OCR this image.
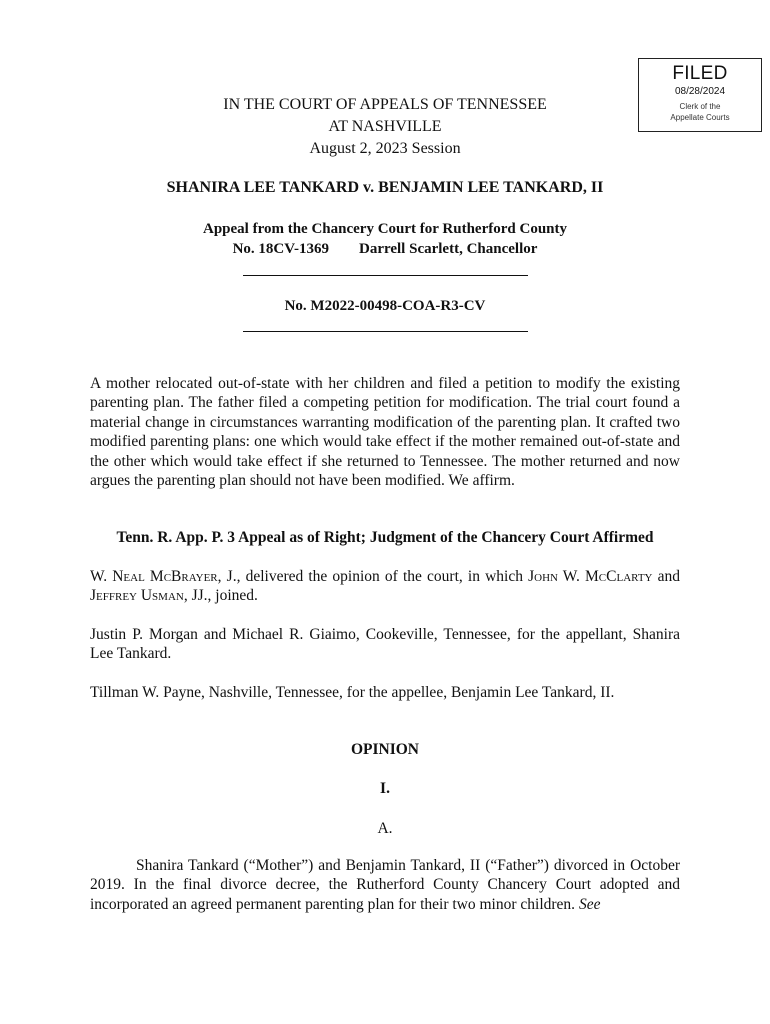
FILED
08/28/2024
Clerk of the
Appellate Courts
IN THE COURT OF APPEALS OF TENNESSEE
AT NASHVILLE
August 2, 2023 Session
SHANIRA LEE TANKARD v. BENJAMIN LEE TANKARD, II
Appeal from the Chancery Court for Rutherford County
No. 18CV-1369 Darrell Scarlett, Chancellor
No. M2022-00498-COA-R3-CV
A mother relocated out-of-state with her children and filed a petition to modify the existing parenting plan. The father filed a competing petition for modification. The trial court found a material change in circumstances warranting modification of the parenting plan. It crafted two modified parenting plans: one which would take effect if the mother remained out-of-state and the other which would take effect if she returned to Tennessee. The mother returned and now argues the parenting plan should not have been modified. We affirm.
Tenn. R. App. P. 3 Appeal as of Right; Judgment of the Chancery Court Affirmed
W. Neal McBrayer, J., delivered the opinion of the court, in which John W. McClarty and Jeffrey Usman, JJ., joined.
Justin P. Morgan and Michael R. Giaimo, Cookeville, Tennessee, for the appellant, Shanira Lee Tankard.
Tillman W. Payne, Nashville, Tennessee, for the appellee, Benjamin Lee Tankard, II.
OPINION
I.
A.
Shanira Tankard (“Mother”) and Benjamin Tankard, II (“Father”) divorced in October 2019. In the final divorce decree, the Rutherford County Chancery Court adopted and incorporated an agreed permanent parenting plan for their two minor children. See
